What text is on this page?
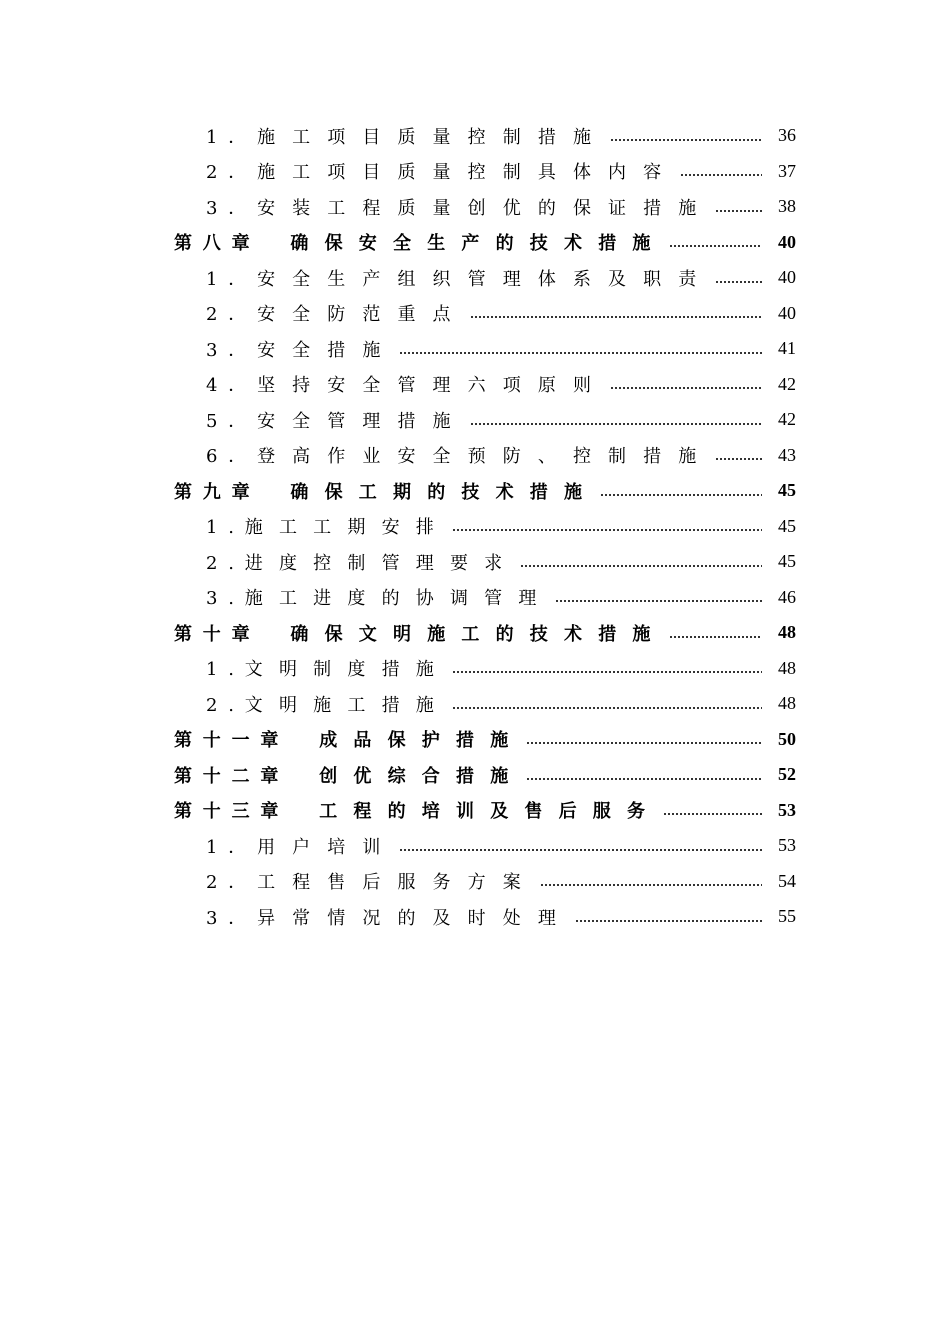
1．施工项目质量控制措施	36
2．施工项目质量控制具体内容	37
3．安装工程质量创优的保证措施	38
第八章 确保安全生产的技术措施	40
1．安全生产组织管理体系及职责	40
2．安全防范重点	40
3．安全措施	41
4．坚持安全管理六项原则	42
5．安全管理措施	42
6．登高作业安全预防、控制措施	43
第九章 确保工期的技术措施	45
1.施工工期安排	45
2.进度控制管理要求	45
3.施工进度的协调管理	46
第十章 确保文明施工的技术措施	48
1.文明制度措施	48
2.文明施工措施	48
第十一章 成品保护措施	50
第十二章 创优综合措施	52
第十三章 工程的培训及售后服务	53
1．用户培训	53
2．工程售后服务方案	54
3．异常情况的及时处理	55
